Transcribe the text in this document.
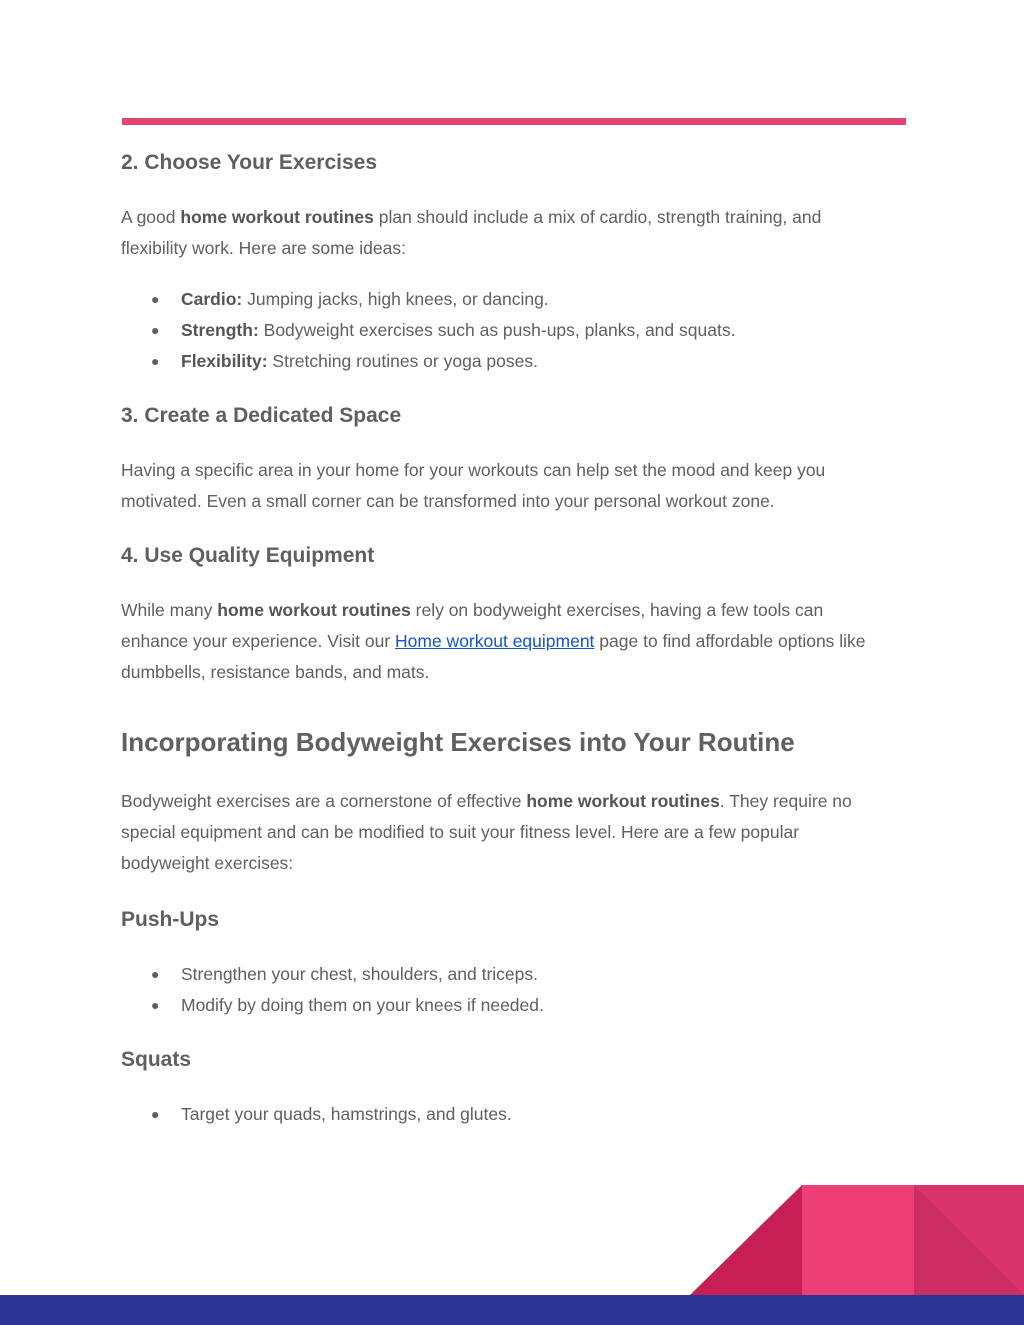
2. Choose Your Exercises

A good home workout routines plan should include a mix of cardio, strength training, and flexibility work. Here are some ideas:

● Cardio: Jumping jacks, high knees, or dancing.
● Strength: Bodyweight exercises such as push-ups, planks, and squats.
● Flexibility: Stretching routines or yoga poses.
3. Create a Dedicated Space

Having a specific area in your home for your workouts can help set the mood and keep you motivated. Even a small corner can be transformed into your personal workout zone.

4. Use Quality Equipment

While many home workout routines rely on bodyweight exercises, having a few tools can enhance your experience. Visit our Home workout equipment page to find affordable options like dumbbells, resistance bands, and mats.

Incorporating Bodyweight Exercises into Your Routine

Bodyweight exercises are a cornerstone of effective home workout routines. They require no special equipment and can be modified to suit your fitness level. Here are a few popular bodyweight exercises:

Push-Ups
● Strengthen your chest, shoulders, and triceps.
● Modify by doing them on your knees if needed.
Squats
● Target your quads, hamstrings, and glutes.
